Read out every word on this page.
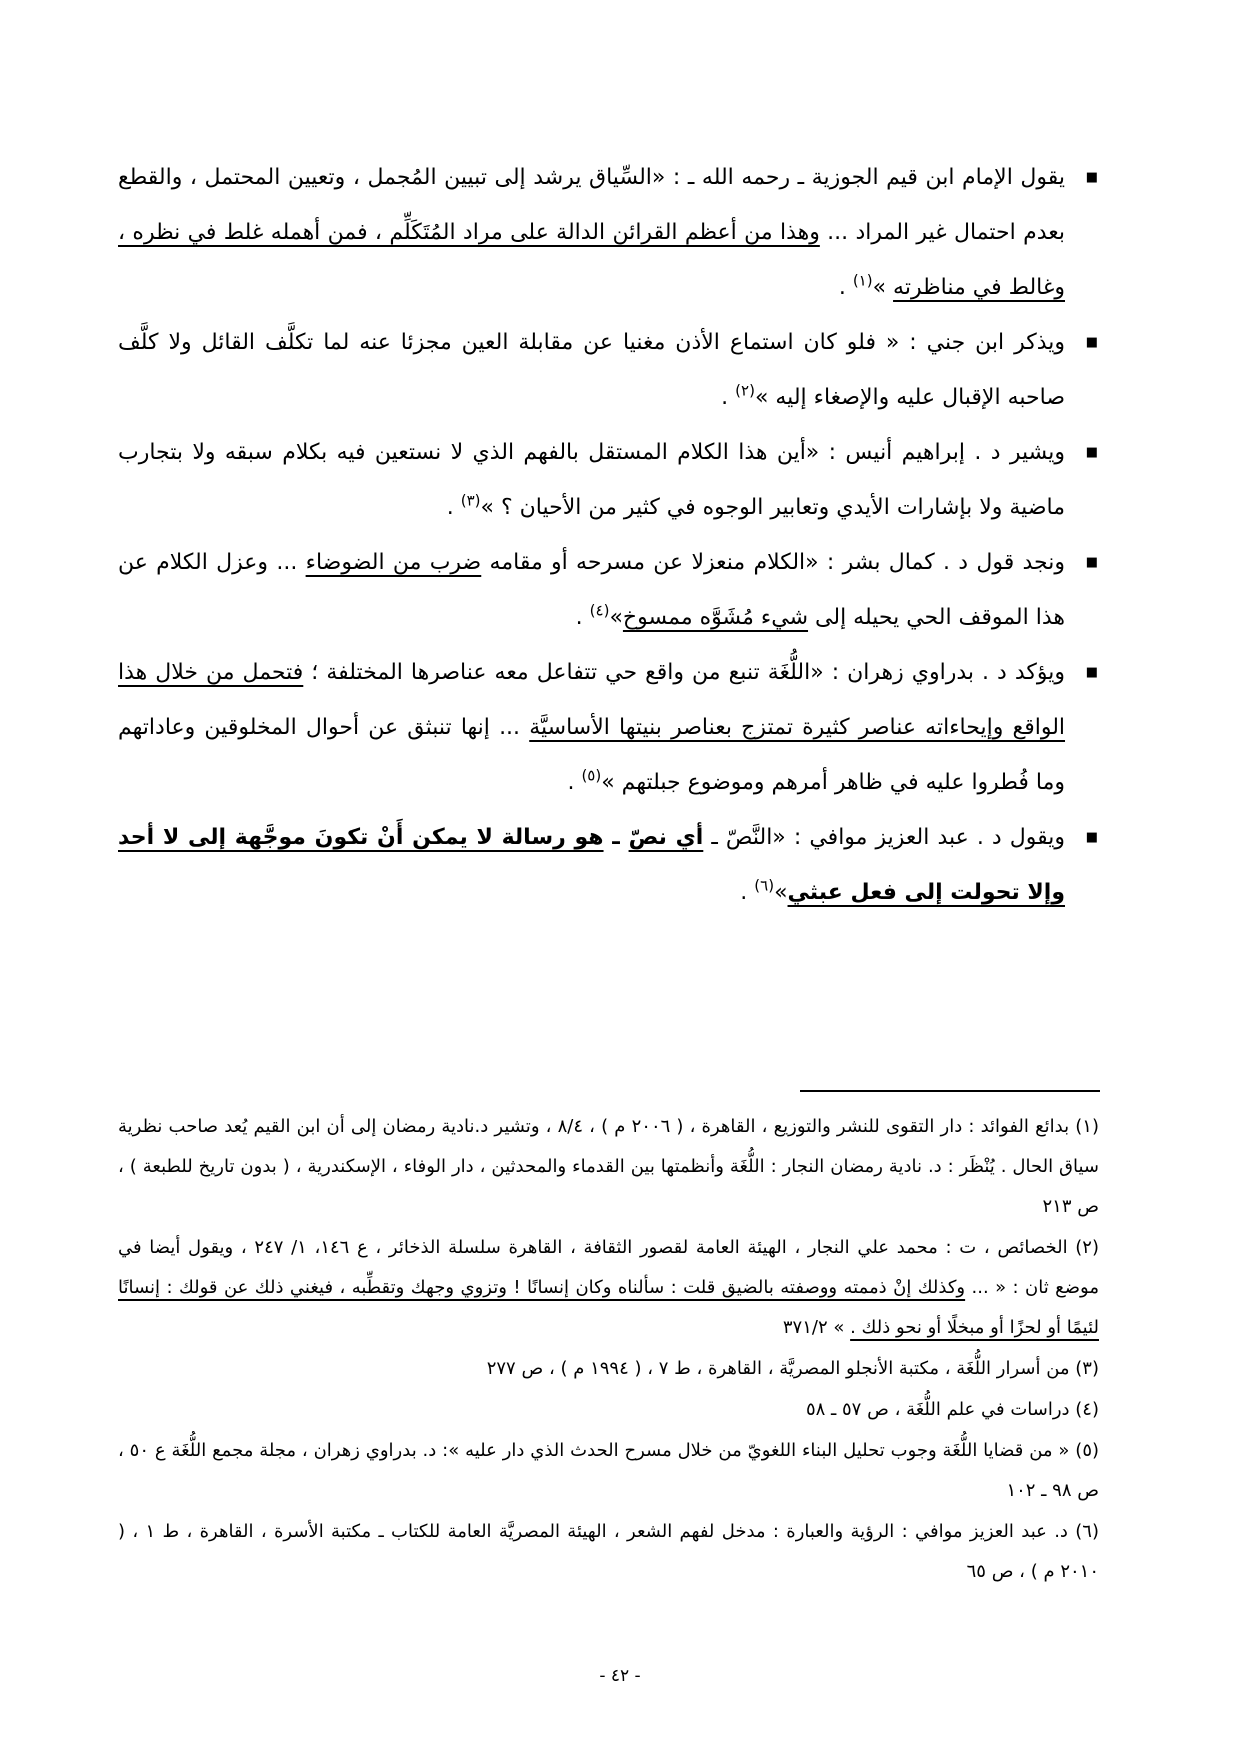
■

يقول الإمام ابن قيم الجوزية ـ رحمه الله ـ : «السِّياق يرشد إلى تبيين المُجمل ، وتعيين المحتمل ، والقطع بعدم احتمال غير المراد ... وهذا من أعظم القرائن الدالة على مراد المُتَكَلِّم ، فمن أهمله غلط في نظره ، وغالط في مناظرته »$^{(١)}$ .

■

ويذكر ابن جني : « فلو كان استماع الأذن مغنيا عن مقابلة العين مجزئا عنه لما تكلَّف القائل ولا كلَّف صاحبه الإقبال عليه والإصغاء إليه »$^{(٢)}$ .

■

ويشير د . إبراهيم أنيس : «أين هذا الكلام المستقل بالفهم الذي لا نستعين فيه بكلام سبقه ولا بتجارب ماضية ولا بإشارات الأيدي وتعابير الوجوه في كثير من الأحيان ؟ »$^{(٣)}$ .

■

ونجد قول د . كمال بشر : «الكلام منعزلا عن مسرحه أو مقامه ضرب من الضوضاء ... وعزل الكلام عن هذا الموقف الحي يحيله إلى شيء مُشَوَّه ممسوخ»$^{(٤)}$ .

■

ويؤكد د . بدراوي زهران : «اللُّغَة تنبع من واقع حي تتفاعل معه عناصرها المختلفة ؛ فتحمل من خلال هذا الواقع وإيحاءاته عناصر كثيرة تمتزج بعناصر بنيتها الأساسيَّة ... إنها تنبثق عن أحوال المخلوقين وعاداتهم وما فُطروا عليه في ظاهر أمرهم وموضوع جبلتهم »$^{(٥)}$ .

■

ويقول د . عبد العزيز موافي : «النَّصّ ـ أي نصّ ـ هو رسالة لا يمكن أَنْ تكونَ موجَّهة إلى لا أحد وإلا تحولت إلى فعل عبثي»$^{(٦)}$ .

(١) بدائع الفوائد : دار التقوى للنشر والتوزيع ، القاهرة ، ( ٢٠٠٦ م ) ، ٨/٤ ، وتشير د.نادية رمضان إلى أن ابن القيم يُعد صاحب نظرية سياق الحال . يُنْظَر : د. نادية رمضان النجار : اللُّغَة وأنظمتها بين القدماء والمحدثين ، دار الوفاء ، الإسكندرية ، ( بدون تاريخ للطبعة ) ، ص ٢١٣

(٢) الخصائص ، ت : محمد علي النجار ، الهيئة العامة لقصور الثقافة ، القاهرة سلسلة الذخائر ، ع ١٤٦، ١/ ٢٤٧ ، ويقول أيضا في موضع ثان : « ... وكذلك إنْ ذممته ووصفته بالضيق قلت : سألناه وكان إنسانًا ! وتزوي وجهك وتقطِّبه ، فيغني ذلك عن قولك : إنسانًا لئيمًا أو لحزًا أو مبخلًا أو نحو ذلك . » ٣٧١/٢

(٣) من أسرار اللُّغَة ، مكتبة الأنجلو المصريَّة ، القاهرة ، ط ٧ ، ( ١٩٩٤ م ) ، ص ٢٧٧

(٤) دراسات في علم اللُّغَة ، ص ٥٧ ـ ٥٨

(٥) « من قضايا اللُّغَة وجوب تحليل البناء اللغويّ من خلال مسرح الحدث الذي دار عليه »: د. بدراوي زهران ، مجلة مجمع اللُّغَة ع ٥٠ ، ص ٩٨ ـ ١٠٢

(٦) د. عبد العزيز موافي : الرؤية والعبارة : مدخل لفهم الشعر ، الهيئة المصريَّة العامة للكتاب ـ مكتبة الأسرة ، القاهرة ، ط ١ ، ( ٢٠١٠ م ) ، ص ٦٥

- ٤٢ -
